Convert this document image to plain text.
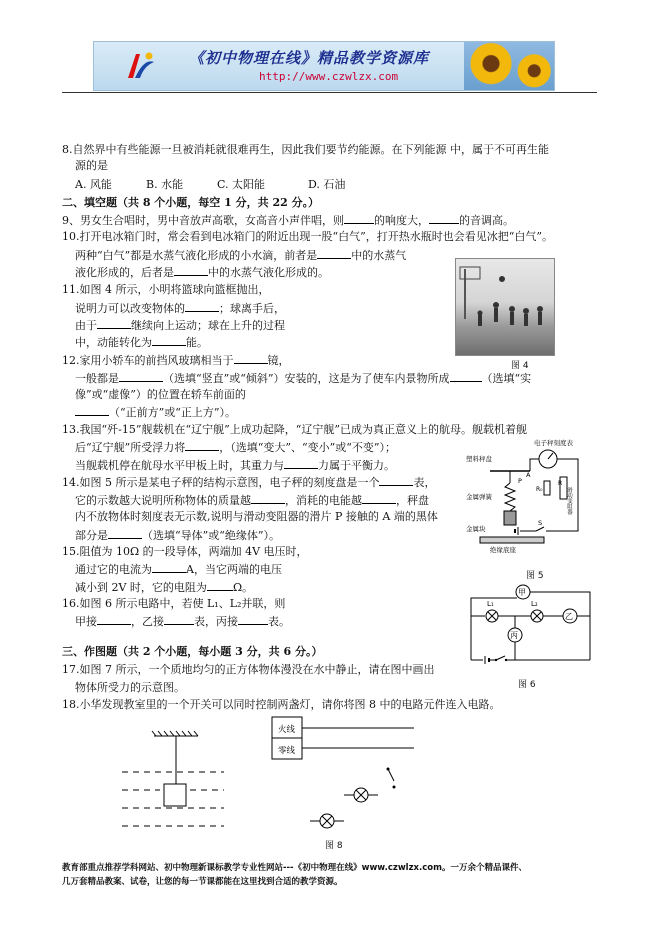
《初中物理在线》精品教学资源库
http://www.czwlzx.com
8.自然界中有些能源一旦被消耗就很难再生，因此我们要节约能源。在下列能源 中，属于不可再生能
源的是
A. 风能	B. 水能	C. 太阳能	D. 石油
二、填空题（共 8 个小题，每空 1 分，共 22 分。）
9、男女生合唱时，男中音放声高歌，女高音小声伴唱，则	的响度大，	的音调高。
10.打开电冰箱门时，常会看到电冰箱门的附近出现一股“白气”，打开热水瓶时也会看见冰把“白气”。
两种“白气”都是水蒸气液化形成的小水滴，前者是	中的水蒸气
液化形成的，后者是	中的水蒸气液化形成的。
图 4
11.如图 4 所示，小明将篮球向篮框抛出，
说明力可以改变物体的	；球离手后，
由于	继续向上运动；球在上升的过程
中，动能转化为	能。
12.家用小轿车的前挡风玻璃相当于	镜，
一般都是	（选填“竖直”或“倾斜”）安装的，这是为了使车内景物所成	（选填“实
像”或“虚像”）的位置在轿车前面的
（“正前方”或“正上方”）。
13.我国“歼-15”舰载机在“辽宁舰”上成功起降，“辽宁舰”已成为真正意义上的航母。舰载机着舰
后“辽宁舰”所受浮力将	，（选填“变大”、“变小”或“不变”）；
当舰载机停在航母水平甲板上时，其重力与	力属于平衡力。
14.如图 5 所示是某电子秤的结构示意图，电子秤的刻度盘是一个	表，
它的示数越大说明所称物体的质量越	，消耗的电能越	，秤盘
内不放物体时刻度表无示数,说明与滑动变阻器的滑片 P 接触的 A 端的黑体
部分是	（选填“导体”或“绝缘体”）。
电子秤刻度表
塑料秤盘
金属弹簧
金属块
绝缘底座
A
P	R
滑动变阻器
R₀
S
图 5
15.阻值为 10Ω 的一段导体，两端加 4V 电压时，
通过它的电流为	A，当它两端的电压
减小到 2V 时，它的电阻为 Ω。
16.如图 6 所示电路中，若使 L₁、L₂并联，则
甲接	，乙接	表，丙接	表。
甲
L₁	L₂
乙
丙
图 6
三、作图题（共 2 个小题，每小题 3 分，共 6 分。）
17.如图 7 所示，一个质地均匀的正方体物体漫没在水中静止，请在图中画出
物体所受力的示意图。
18.小华发现教室里的一个开关可以同时控制两盏灯，请你将图 8 中的电路元件连入电路。
火线
零线
图 8
教育部重点推荐学科网站、初中物理新课标教学专业性网站---《初中物理在线》www.czwlzx.com。一万余个精品课件、
几万套精品教案、试卷，让您的每一节课都能在这里找到合适的教学资源。
